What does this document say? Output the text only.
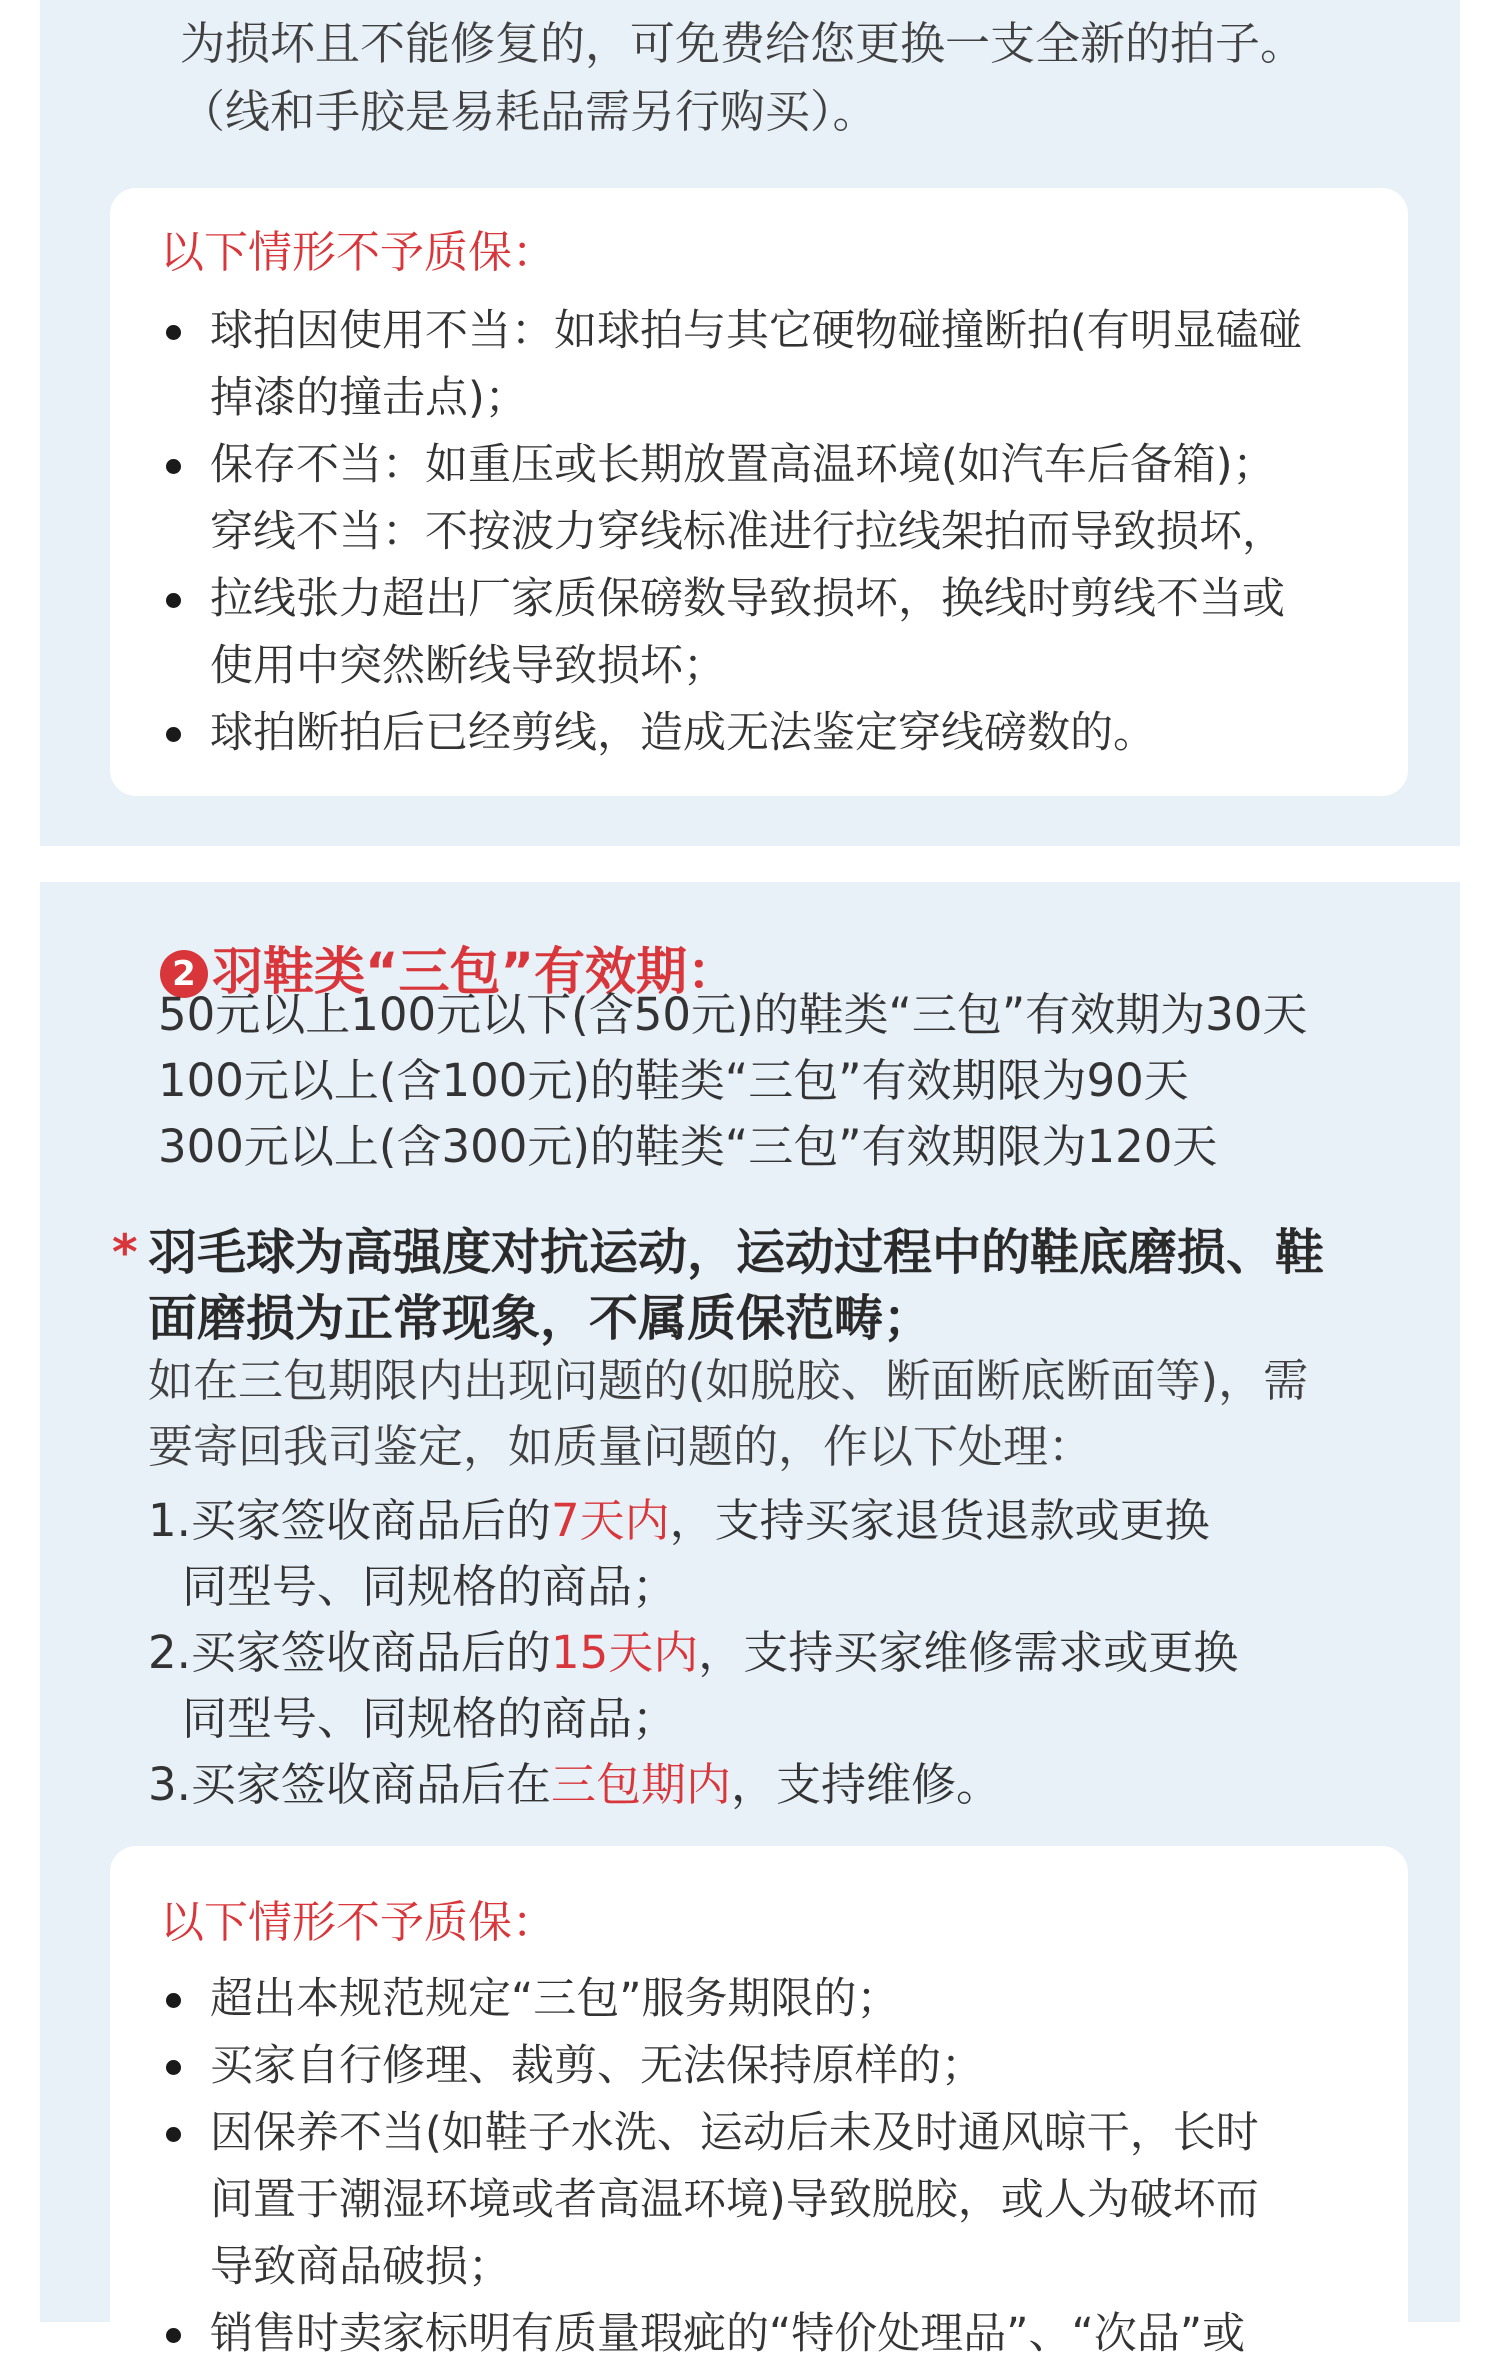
为损坏且不能修复的，可免费给您更换一支全新的拍子。
（线和手胶是易耗品需另行购买）。
以下情形不予质保：
球拍因使用不当：如球拍与其它硬物碰撞断拍(有明显磕碰
掉漆的撞击点)；
保存不当：如重压或长期放置高温环境(如汽车后备箱)；
穿线不当：不按波力穿线标准进行拉线架拍而导致损坏，
拉线张力超出厂家质保磅数导致损坏，换线时剪线不当或
使用中突然断线导致损坏；
球拍断拍后已经剪线，造成无法鉴定穿线磅数的。
2 羽鞋类“三包”有效期：
50元以上100元以下(含50元)的鞋类“三包”有效期为30天
100元以上(含100元)的鞋类“三包”有效期限为90天
300元以上(含300元)的鞋类“三包”有效期限为120天
* 羽毛球为高强度对抗运动，运动过程中的鞋底磨损、鞋
面磨损为正常现象，不属质保范畴；
如在三包期限内出现问题的(如脱胶、断面断底断面等)，需
要寄回我司鉴定，如质量问题的，作以下处理：
1.买家签收商品后的7天内，支持买家退货退款或更换
同型号、同规格的商品；
2.买家签收商品后的15天内，支持买家维修需求或更换
同型号、同规格的商品；
3.买家签收商品后在三包期内，支持维修。
以下情形不予质保：
超出本规范规定“三包”服务期限的；
买家自行修理、裁剪、无法保持原样的；
因保养不当(如鞋子水洗、运动后未及时通风晾干，长时
间置于潮湿环境或者高温环境)导致脱胶，或人为破坏而
导致商品破损；
销售时卖家标明有质量瑕疵的“特价处理品”、“次品”或
